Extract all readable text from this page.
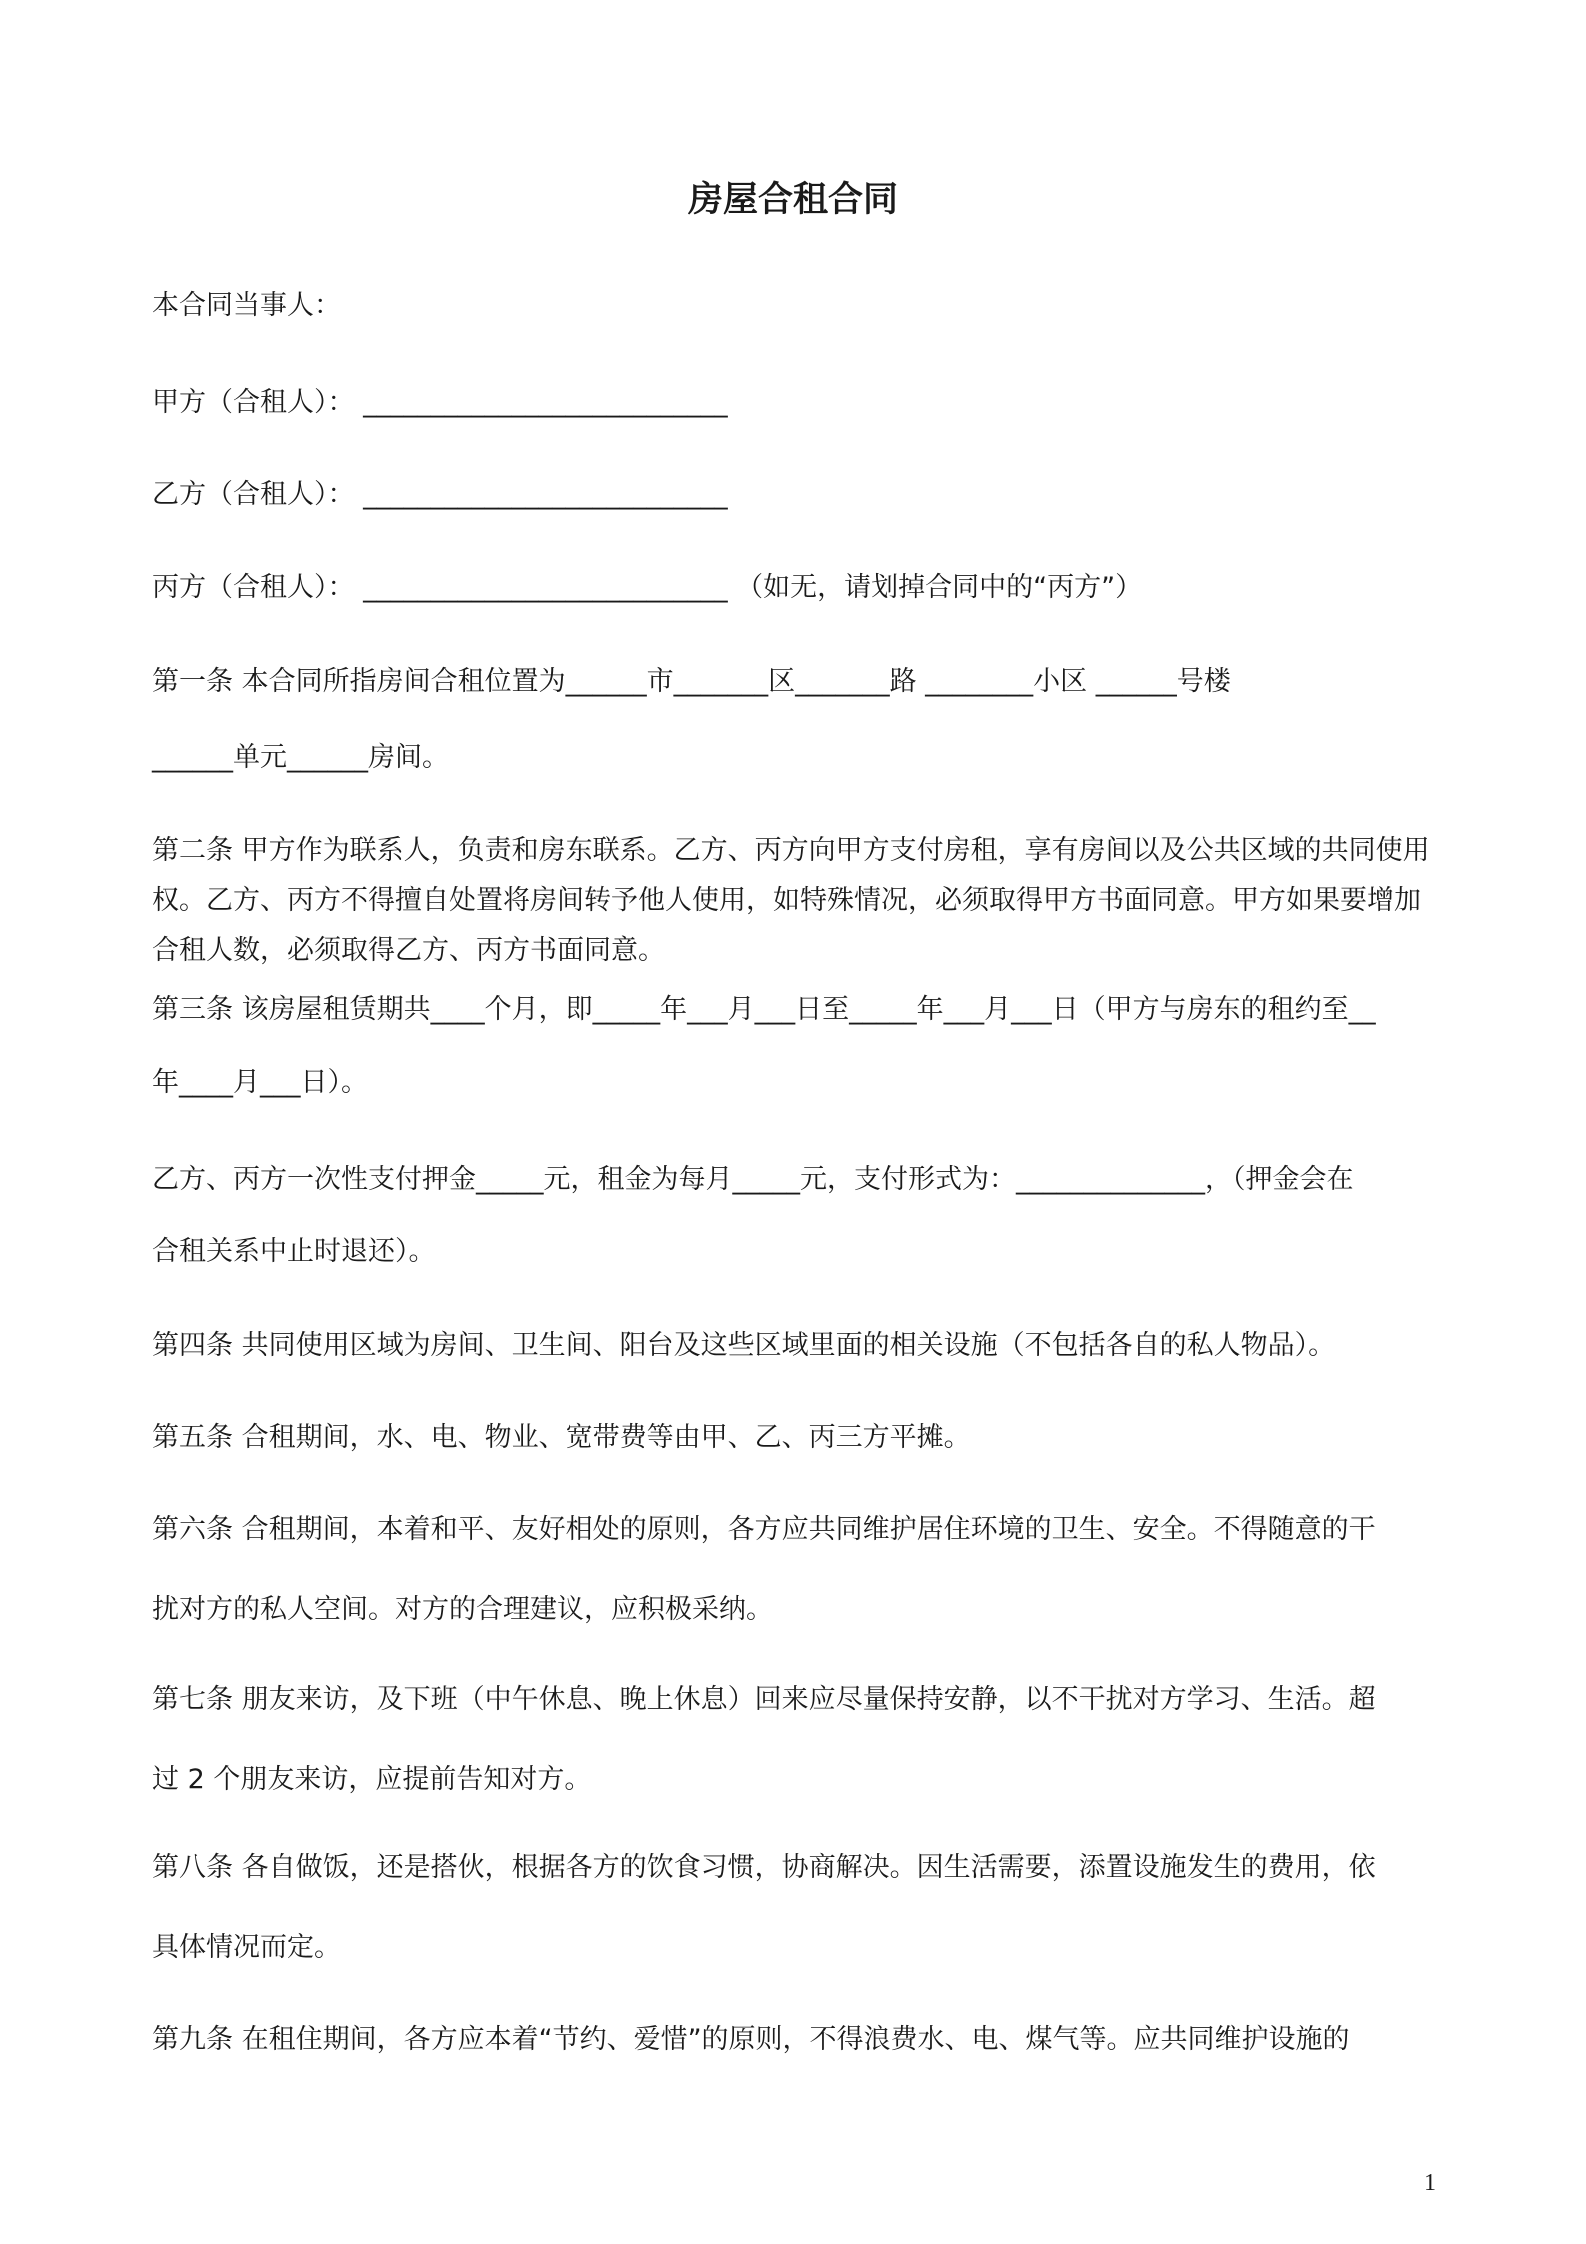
房屋合租合同
本合同当事人：
甲方（合租人）： ___________________________
乙方（合租人）： ___________________________
丙方（合租人）： ___________________________ （如无，请划掉合同中的“丙方”）
第一条 本合同所指房间合租位置为______市_______区_______路 ________小区 ______号楼
______单元______房间。
第二条 甲方作为联系人，负责和房东联系。乙方、丙方向甲方支付房租，享有房间以及公共区域的共同使用权。乙方、丙方不得擅自处置将房间转予他人使用，如特殊情况，必须取得甲方书面同意。甲方如果要增加合租人数，必须取得乙方、丙方书面同意。
第三条 该房屋租赁期共____个月，即_____年___月___日至_____年___月___日（甲方与房东的租约至__
年____月___日）。
乙方、丙方一次性支付押金_____元，租金为每月_____元，支付形式为：______________，（押金会在
合租关系中止时退还）。
第四条 共同使用区域为房间、卫生间、阳台及这些区域里面的相关设施（不包括各自的私人物品）。
第五条 合租期间，水、电、物业、宽带费等由甲、乙、丙三方平摊。
第六条 合租期间，本着和平、友好相处的原则，各方应共同维护居住环境的卫生、安全。不得随意的干
扰对方的私人空间。对方的合理建议，应积极采纳。
第七条 朋友来访，及下班（中午休息、晚上休息）回来应尽量保持安静，以不干扰对方学习、生活。超
过 2 个朋友来访，应提前告知对方。
第八条 各自做饭，还是搭伙，根据各方的饮食习惯，协商解决。因生活需要，添置设施发生的费用，依
具体情况而定。
第九条 在租住期间，各方应本着“节约、爱惜”的原则，不得浪费水、电、煤气等。应共同维护设施的
1
